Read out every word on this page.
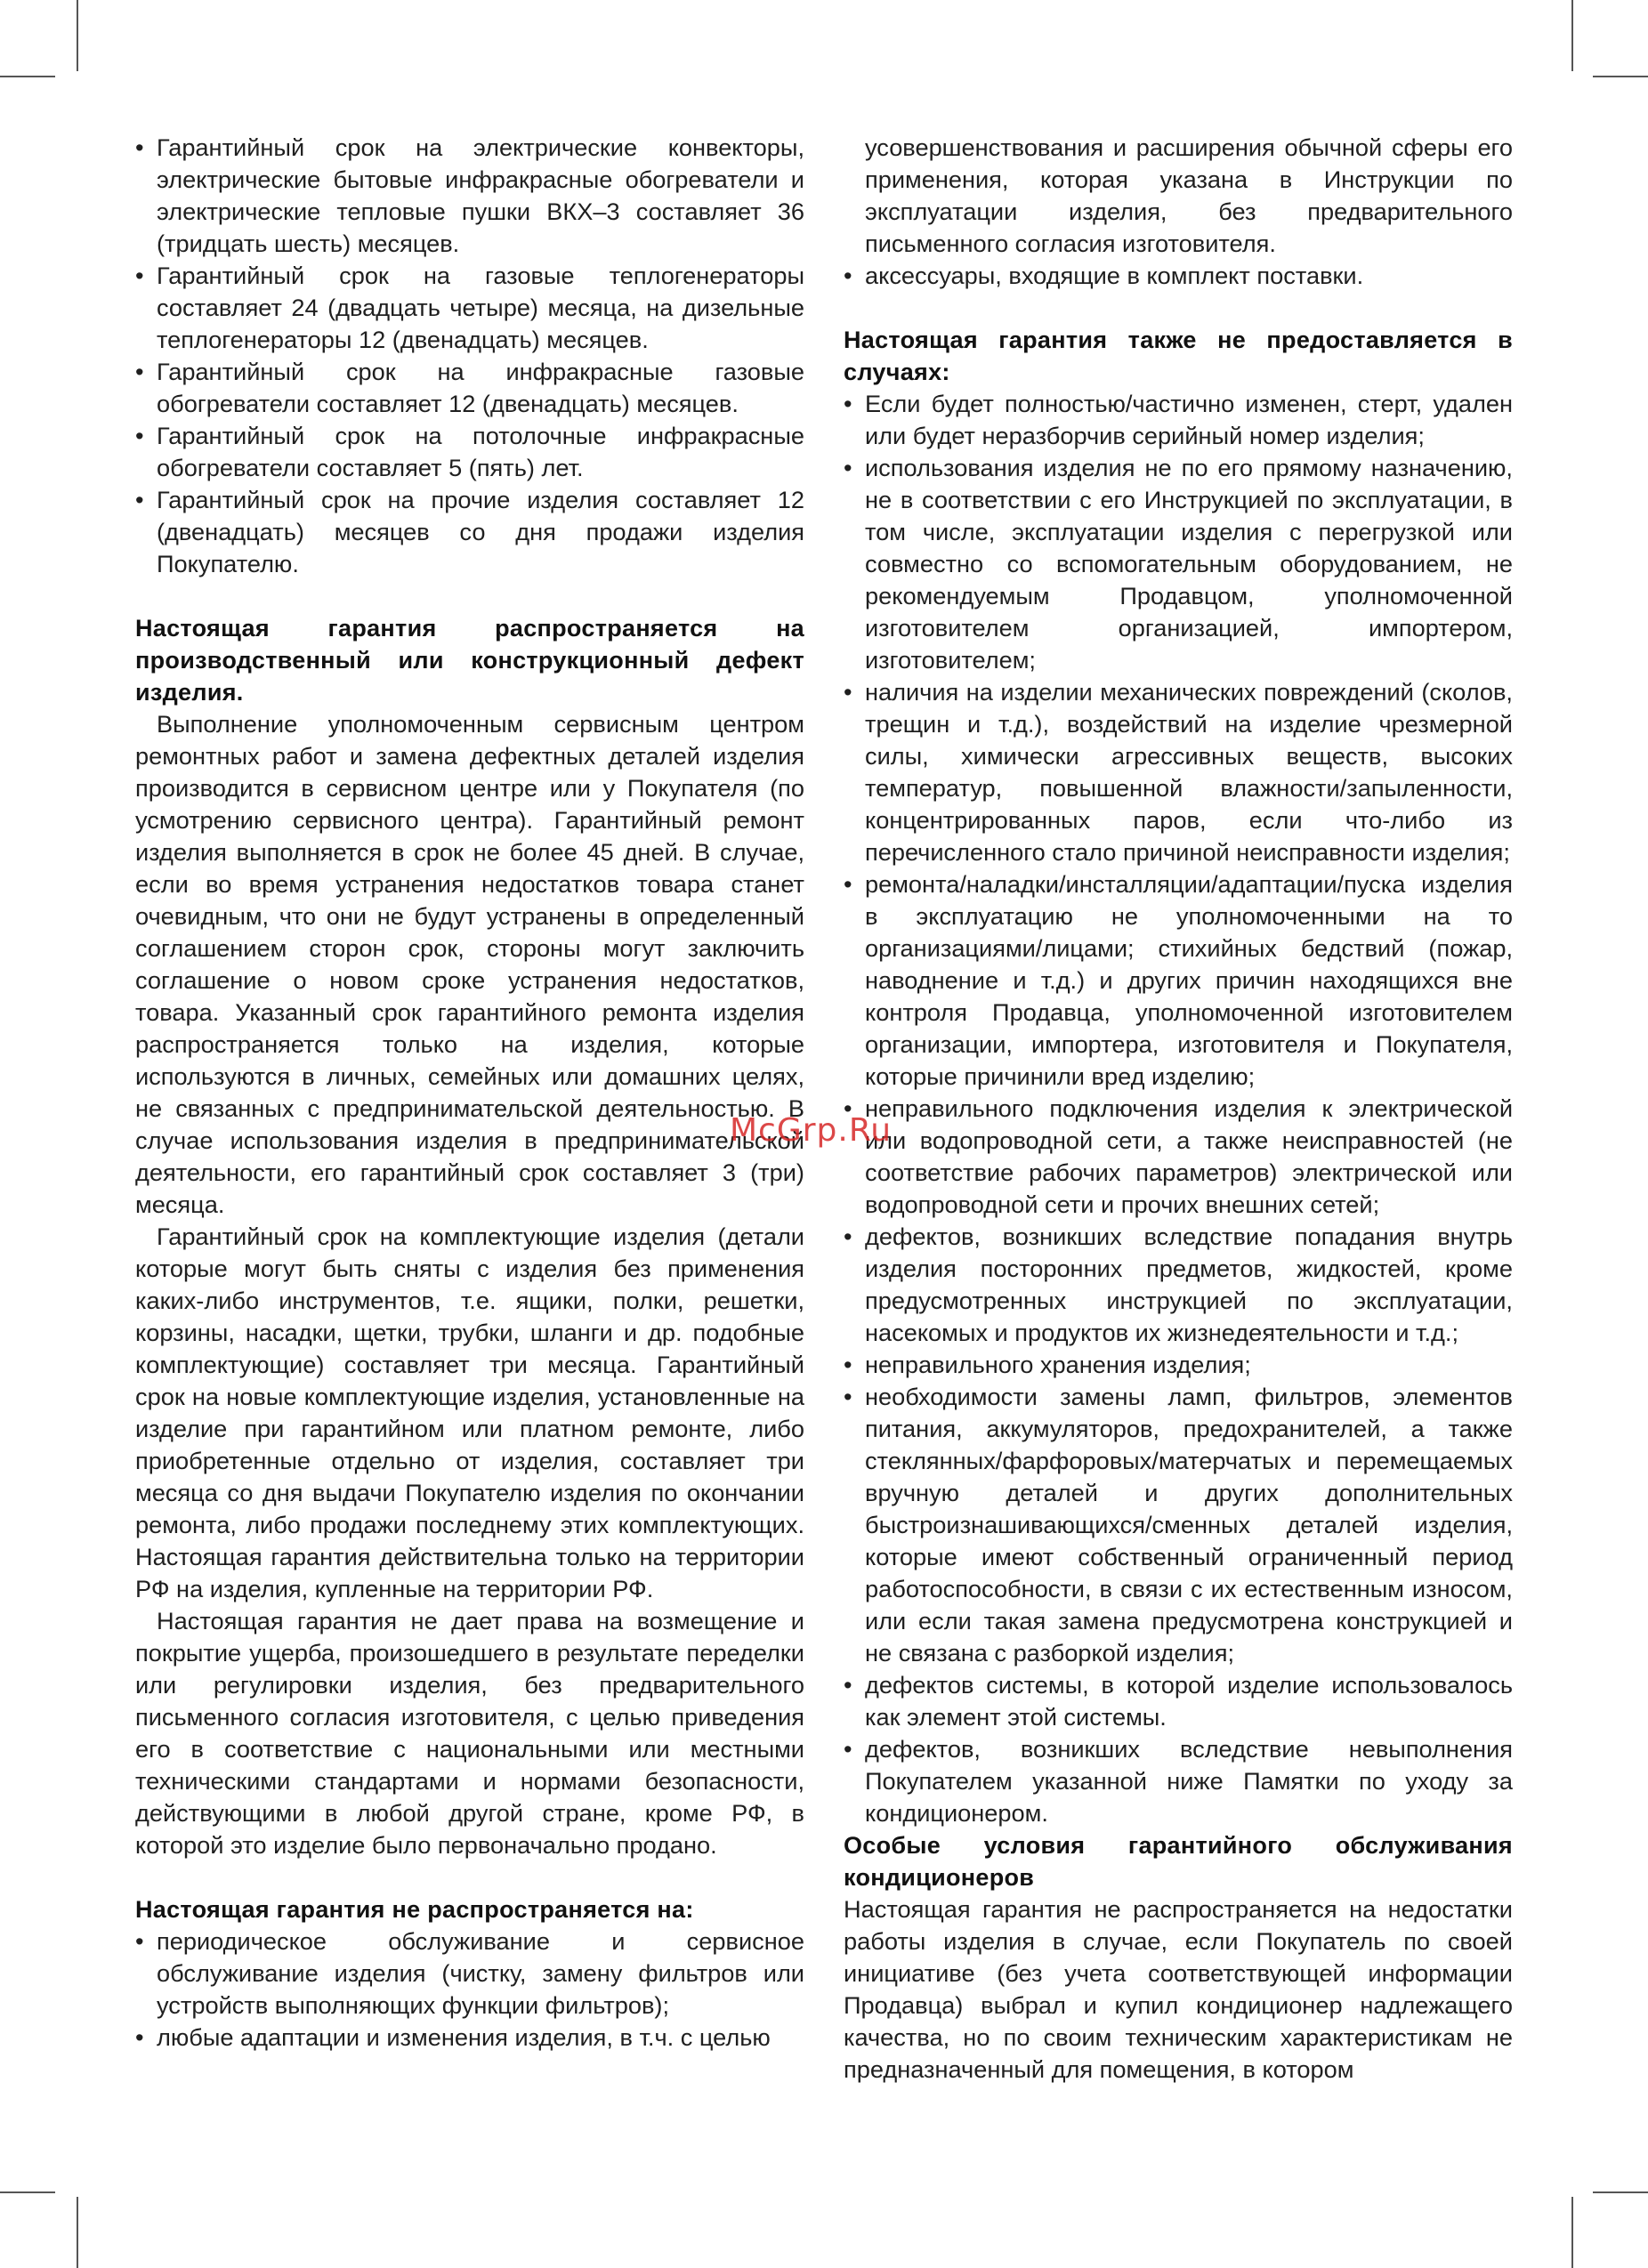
• Гарантийный срок на электрические конвекторы, электрические бытовые инфракрасные обогреватели и электрические тепловые пушки ВКХ–3 составляет 36 (тридцать шесть) месяцев.
• Гарантийный срок на газовые теплогенераторы составляет 24 (двадцать четыре) месяца, на дизельные теплогенераторы 12 (двенадцать) месяцев.
• Гарантийный срок на инфракрасные газовые обогреватели составляет 12 (двенадцать) месяцев.
• Гарантийный срок на потолочные инфракрасные обогреватели составляет 5 (пять) лет.
• Гарантийный срок на прочие изделия составляет 12 (двенадцать) месяцев со дня продажи изделия Покупателю.
Настоящая гарантия распространяется на производственный или конструкционный дефект изделия.

Выполнение уполномоченным сервисным центром ремонтных работ и замена дефектных деталей изделия производится в сервисном центре или у Покупателя (по усмотрению сервисного центра). Гарантийный ремонт изделия выполняется в срок не более 45 дней. В случае, если во время устранения недостатков товара станет очевидным, что они не будут устранены в определенный соглашением сторон срок, стороны могут заключить соглашение о новом сроке устранения недостатков, товара. Указанный срок гарантийного ремонта изделия распространяется только на изделия, которые используются в личных, семейных или домашних целях, не связанных с предпринимательской деятельностью. В случае использования изделия в предпринимательской деятельности, его гарантийный срок составляет 3 (три) месяца.

Гарантийный срок на комплектующие изделия (детали которые могут быть сняты с изделия без применения каких-либо инструментов, т.е. ящики, полки, решетки, корзины, насадки, щетки, трубки, шланги и др. подобные комплектующие) составляет три месяца. Гарантийный срок на новые комплектующие изделия, установленные на изделие при гарантийном или платном ремонте, либо приобретенные отдельно от изделия, составляет три месяца со дня выдачи Покупателю изделия по окончании ремонта, либо продажи последнему этих комплектующих. Настоящая гарантия действительна только на территории РФ на изделия, купленные на территории РФ.

Настоящая гарантия не дает права на возмещение и покрытие ущерба, произошедшего в результате переделки или регулировки изделия, без предварительного письменного согласия изготовителя, с целью приведения его в соответствие с национальными или местными техническими стандартами и нормами безопасности, действующими в любой другой стране, кроме РФ, в которой это изделие было первоначально продано.

Настоящая гарантия не распространяется на:
• периодическое обслуживание и сервисное обслуживание изделия (чистку, замену фильтров или устройств выполняющих функции фильтров);
• любые адаптации и изменения изделия, в т.ч. с целью

усовершенствования и расширения обычной сферы его применения, которая указана в Инструкции по эксплуатации изделия, без предварительного письменного согласия изготовителя.

• аксессуары, входящие в комплект поставки.
Настоящая гарантия также не предоставляется в случаях:
• Если будет полностью/частично изменен, стерт, удален или будет неразборчив серийный номер изделия;
• использования изделия не по его прямому назначению, не в соответствии с его Инструкцией по эксплуатации, в том числе, эксплуатации изделия с перегрузкой или совместно со вспомогательным оборудованием, не рекомендуемым Продавцом, уполномоченной изготовителем организацией, импортером, изготовителем;
• наличия на изделии механических повреждений (сколов, трещин и т.д.), воздействий на изделие чрезмерной силы, химически агрессивных веществ, высоких температур, повышенной влажности/запыленности, концентрированных паров, если что-либо из перечисленного стало причиной неисправности изделия;
• ремонта/наладки/инсталляции/адаптации/пуска изделия в эксплуатацию не уполномоченными на то организациями/лицами; стихийных бедствий (пожар, наводнение и т.д.) и других причин находящихся вне контроля Продавца, уполномоченной изготовителем организации, импортера, изготовителя и Покупателя, которые причинили вред изделию;
• неправильного подключения изделия к электрической или водопроводной сети, а также неисправностей (не соответствие рабочих параметров) электрической или водопроводной сети и прочих внешних сетей;
• дефектов, возникших вследствие попадания внутрь изделия посторонних предметов, жидкостей, кроме предусмотренных инструкцией по эксплуатации, насекомых и продуктов их жизнедеятельности и т.д.;
• неправильного хранения изделия;
• необходимости замены ламп, фильтров, элементов питания, аккумуляторов, предохранителей, а также стеклянных/фарфоровых/матерчатых и перемещаемых вручную деталей и других дополнительных быстроизнашивающихся/сменных деталей изделия, которые имеют собственный ограниченный период работоспособности, в связи с их естественным износом, или если такая замена предусмотрена конструкцией и не связана с разборкой изделия;
• дефектов системы, в которой изделие использовалось как элемент этой системы.
• дефектов, возникших вследствие невыполнения Покупателем указанной ниже Памятки по уходу за кондиционером.
Особые условия гарантийного обслуживания кондиционеров

Настоящая гарантия не распространяется на недостатки работы изделия в случае, если Покупатель по своей инициативе (без учета соответствующей информации Продавца) выбрал и купил кондиционер надлежащего качества, но по своим техническим характеристикам не предназначенный для помещения, в котором

McGrp.Ru
